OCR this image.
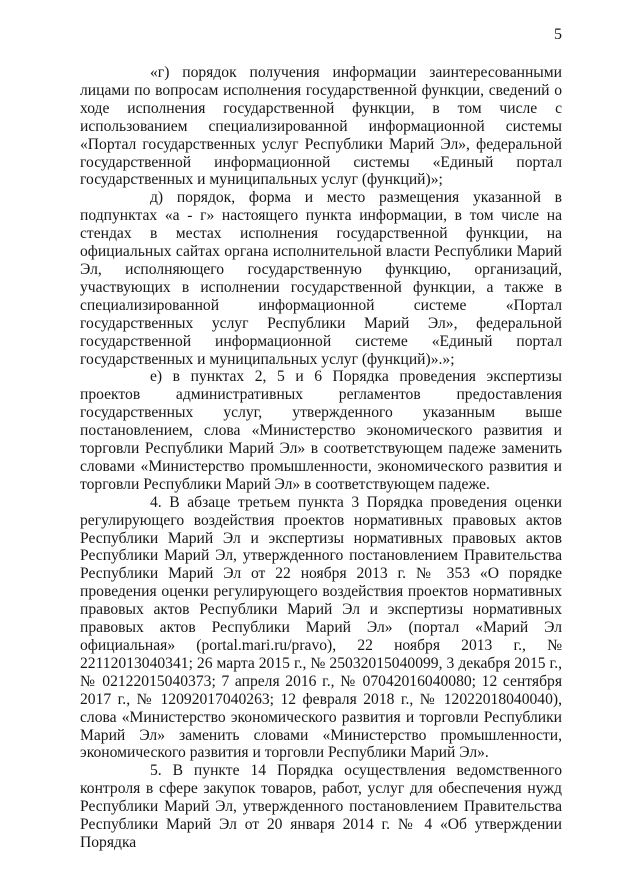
5

«г) порядок получения информации заинтересованными лицами по вопросам исполнения государственной функции, сведений о ходе исполнения государственной функции, в том числе с использованием специализированной информационной системы «Портал государственных услуг Республики Марий Эл», федеральной государственной информационной системы «Единый портал государственных и муниципальных услуг (функций)»;

д) порядок, форма и место размещения указанной в подпунктах «а - г» настоящего пункта информации, в том числе на стендах в местах исполнения государственной функции, на официальных сайтах органа исполнительной власти Республики Марий Эл, исполняющего государственную функцию, организаций, участвующих в исполнении государственной функции, а также в специализированной информационной системе «Портал государственных услуг Республики Марий Эл», федеральной государственной информационной системе «Единый портал государственных и муниципальных услуг (функций)».»;

е) в пунктах 2, 5 и 6 Порядка проведения экспертизы проектов административных регламентов предоставления государственных услуг, утвержденного указанным выше постановлением, слова «Министерство экономического развития и торговли Республики Марий Эл» в соответствующем падеже заменить словами «Министерство промышленности, экономического развития и торговли Республики Марий Эл» в соответствующем падеже.

4. В абзаце третьем пункта 3 Порядка проведения оценки регулирующего воздействия проектов нормативных правовых актов Республики Марий Эл и экспертизы нормативных правовых актов Республики Марий Эл, утвержденного постановлением Правительства Республики Марий Эл от 22 ноября 2013 г. № 353 «О порядке проведения оценки регулирующего воздействия проектов нормативных правовых актов Республики Марий Эл и экспертизы нормативных правовых актов Республики Марий Эл» (портал «Марий Эл официальная» (portal.mari.ru/pravo), 22 ноября 2013 г., № 22112013040341; 26 марта 2015 г., № 25032015040099, 3 декабря 2015 г., № 02122015040373; 7 апреля 2016 г., № 07042016040080; 12 сентября 2017 г., № 12092017040263; 12 февраля 2018 г., № 12022018040040), слова «Министерство экономического развития и торговли Республики Марий Эл» заменить словами «Министерство промышленности, экономического развития и торговли Республики Марий Эл».

5. В пункте 14 Порядка осуществления ведомственного контроля в сфере закупок товаров, работ, услуг для обеспечения нужд Республики Марий Эл, утвержденного постановлением Правительства Республики Марий Эл от 20 января 2014 г. № 4 «Об утверждении Порядка
